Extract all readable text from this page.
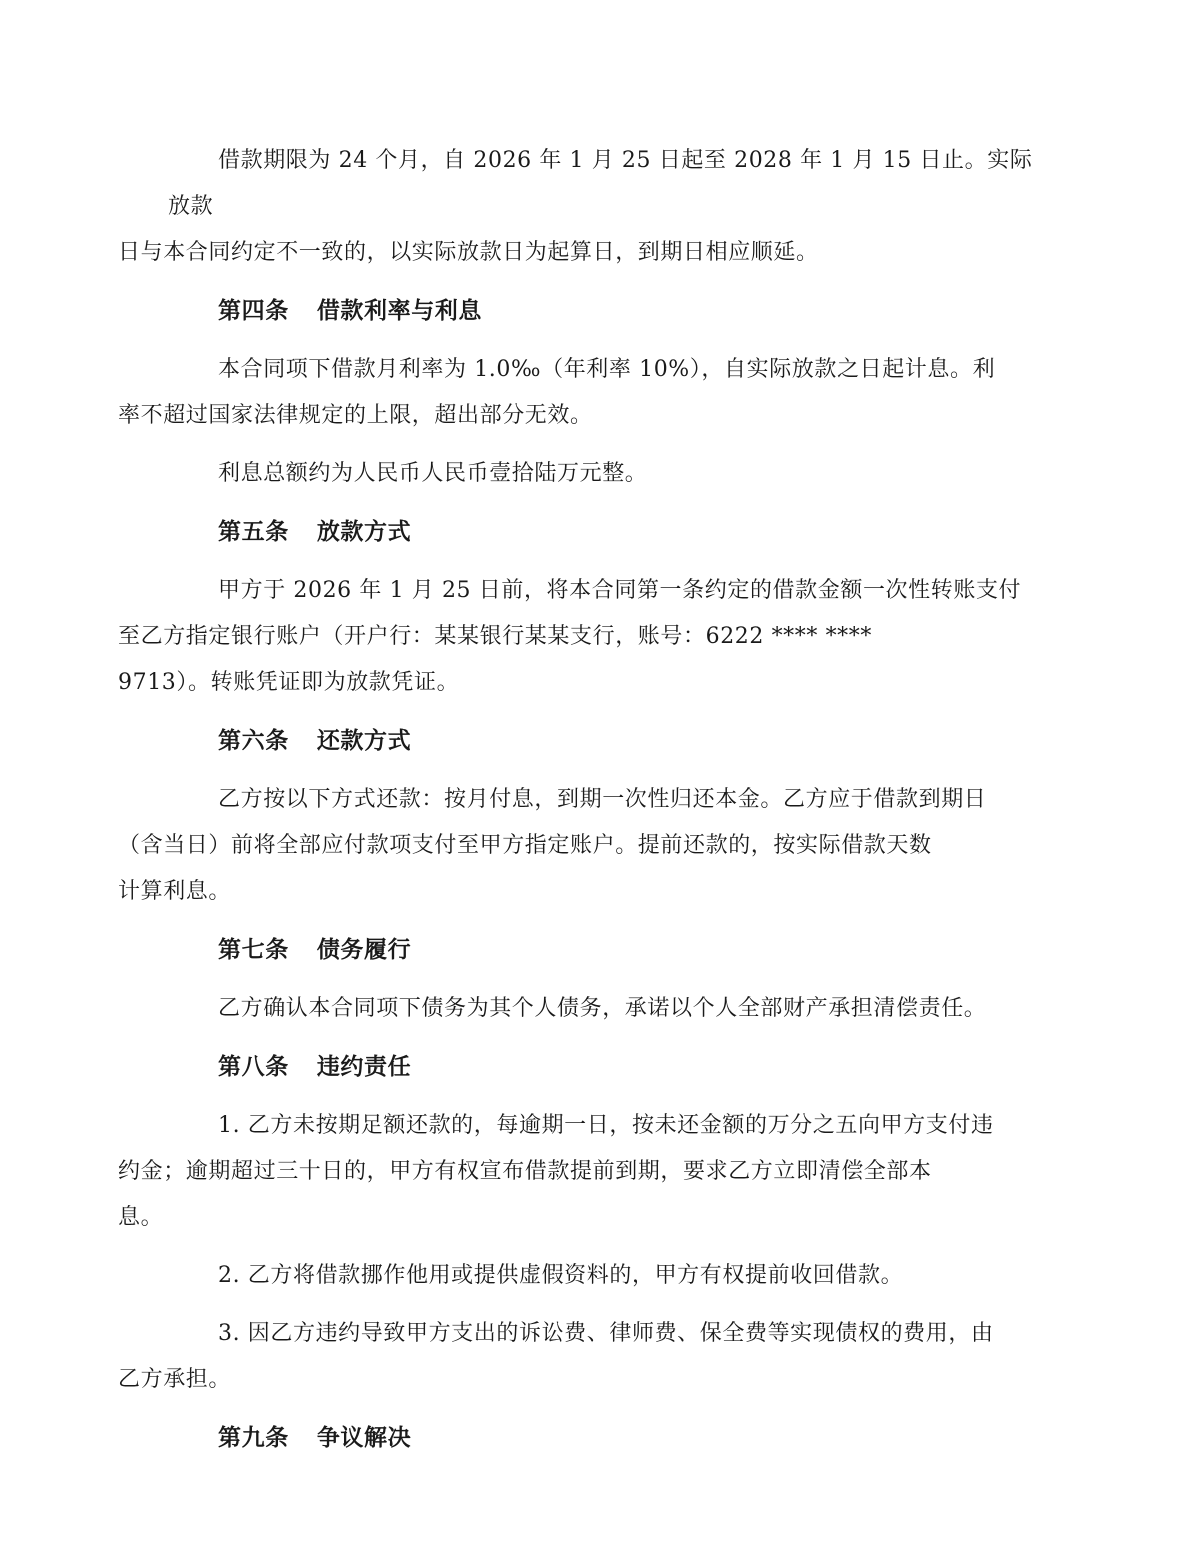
借款期限为 24 个月，自 2026 年 1 月 25 日起至 2028 年 1 月 15 日止。实际放款
日与本合同约定不一致的，以实际放款日为起算日，到期日相应顺延。

第四条 借款利率与利息

本合同项下借款月利率为 1.0‰（年利率 10%），自实际放款之日起计息。利
率不超过国家法律规定的上限，超出部分无效。

利息总额约为人民币人民币壹拾陆万元整。

第五条 放款方式

甲方于 2026 年 1 月 25 日前，将本合同第一条约定的借款金额一次性转账支付
至乙方指定银行账户（开户行：某某银行某某支行，账号：6222 **** ****
9713）。转账凭证即为放款凭证。

第六条 还款方式

乙方按以下方式还款：按月付息，到期一次性归还本金。乙方应于借款到期日
（含当日）前将全部应付款项支付至甲方指定账户。提前还款的，按实际借款天数
计算利息。

第七条 债务履行

乙方确认本合同项下债务为其个人债务，承诺以个人全部财产承担清偿责任。

第八条 违约责任

1. 乙方未按期足额还款的，每逾期一日，按未还金额的万分之五向甲方支付违
约金；逾期超过三十日的，甲方有权宣布借款提前到期，要求乙方立即清偿全部本
息。

2. 乙方将借款挪作他用或提供虚假资料的，甲方有权提前收回借款。

3. 因乙方违约导致甲方支出的诉讼费、律师费、保全费等实现债权的费用，由
乙方承担。

第九条 争议解决
